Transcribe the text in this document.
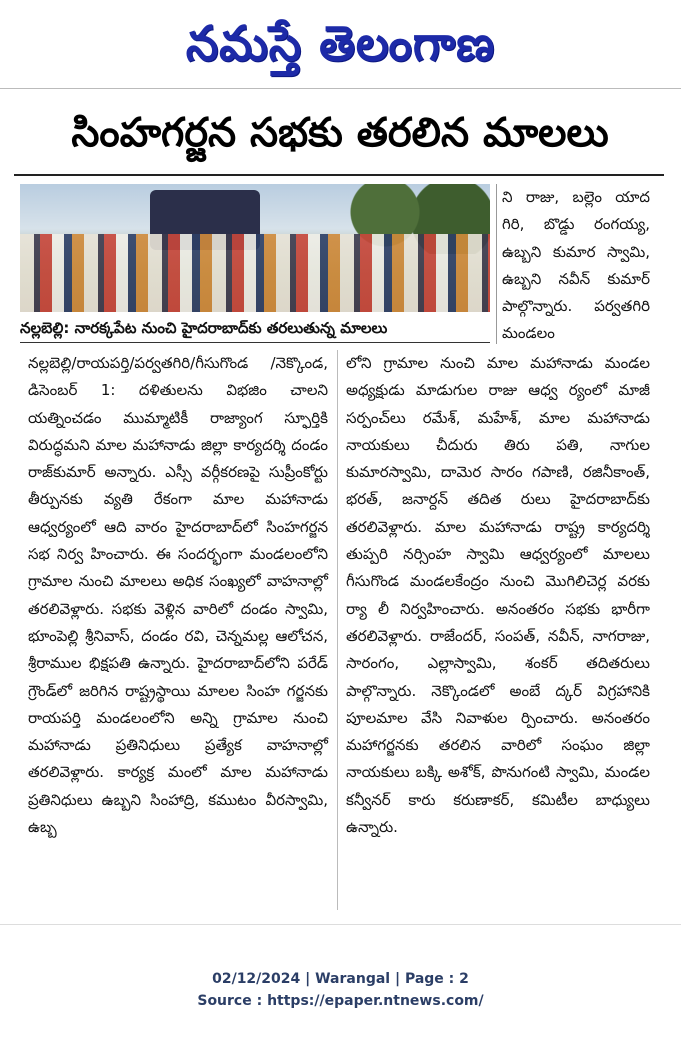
నమస్తే తెలంగాణ
సింహగర్జన సభకు తరలిన మాలలు
నల్లబెల్లి: నారక్కపేట నుంచి హైదరాబాద్‌కు తరలుతున్న మాలలు

ని రాజు, బల్లెం యాద గిరి, బొడ్డు రంగయ్య, ఉబ్బని కుమార స్వామి, ఉబ్బని నవీన్ కుమార్ పాల్గొన్నారు. పర్వతగిరి మండలం

నల్లబెల్లి/రాయపర్తి/పర్వతగిరి/గీసుగొండ /నెక్కొండ, డిసెంబర్ 1: దళితులను విభజిం చాలని యత్నించడం ముమ్మాటికీ రాజ్యాంగ స్ఫూర్తికి విరుద్ధమని మాల మహానాడు జిల్లా కార్యదర్శి దండం రాజ్‌కుమార్ అన్నారు. ఎస్సీ వర్గీకరణపై సుప్రీంకోర్టు తీర్పునకు వ్యతి రేకంగా మాల మహానాడు ఆధ్వర్యంలో ఆది వారం హైదరాబాద్‌లో సింహగర్జన సభ నిర్వ హించారు. ఈ సందర్భంగా మండలంలోని గ్రామాల నుంచి మాలలు అధిక సంఖ్యలో వాహనాల్లో తరలివెళ్లారు. సభకు వెళ్లిన వారిలో దండం స్వామి, భూంపెల్లి శ్రీనివాస్, దండం రవి, చెన్నమల్ల ఆలోచన, శ్రీరాముల భిక్షపతి ఉన్నారు. హైదరాబాద్‌లోని పరేడ్ గ్రౌండ్‌లో జరిగిన రాష్ట్రస్థాయి మాలల సింహ గర్జనకు రాయపర్తి మండలంలోని అన్ని గ్రామాల నుంచి మహానాడు ప్రతినిధులు ప్రత్యేక వాహనాల్లో తరలివెళ్లారు. కార్యక్ర మంలో మాల మహానాడు ప్రతినిధులు ఉబ్బని సింహాద్రి, కముటం వీరస్వామి, ఉబ్బ

లోని గ్రామాల నుంచి మాల మహానాడు మండల అధ్యక్షుడు మాడుగుల రాజు ఆధ్వ ర్యంలో మాజీ సర్పంచ్‌లు రమేశ్, మహేశ్, మాల మహానాడు నాయకులు చీదురు తిరు పతి, నాగుల కుమారస్వామి, దామెర సారం గపాణి, రజినీకాంత్, భరత్, జనార్దన్ తదిత రులు హైదరాబాద్‌కు తరలివెళ్లారు. మాల మహానాడు రాష్ట్ర కార్యదర్శి తుప్పరి నర్సింహ స్వామి ఆధ్వర్యంలో మాలలు గీసుగొండ మండలకేంద్రం నుంచి మొగిలిచెర్ల వరకు ర్యా లీ నిర్వహించారు. అనంతరం సభకు భారీగా తరలివెళ్లారు. రాజేందర్, సంపత్, నవీన్, నాగరాజు, సారంగం, ఎల్లాస్వామి, శంకర్ తదితరులు పాల్గొన్నారు. నెక్కొండలో అంబే ద్కర్ విగ్రహానికి పూలమాల వేసి నివాళుల ర్పించారు. అనంతరం మహాగర్జనకు తరలిన వారిలో సంఘం జిల్లా నాయకులు బక్కి అశోక్, పొనుగంటి స్వామి, మండల కన్వీనర్ కారు కరుణాకర్, కమిటీల బాధ్యులు ఉన్నారు.

02/12/2024 | Warangal | Page : 2
Source : https://epaper.ntnews.com/
